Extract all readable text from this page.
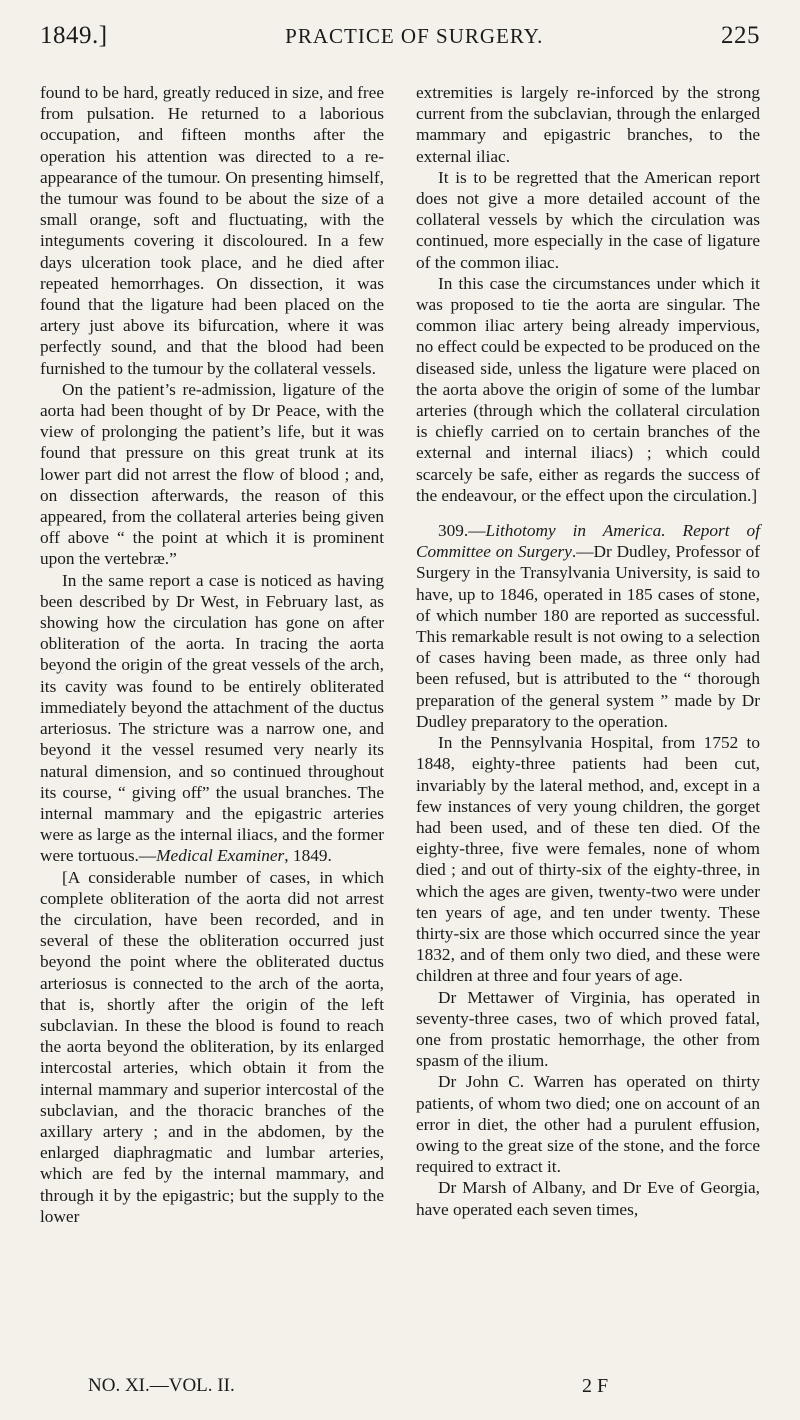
1849.]	PRACTICE OF SURGERY.	225

found to be hard, greatly reduced in size, and free from pulsation. He returned to a laborious occupation, and fifteen months after the operation his attention was directed to a re-appearance of the tumour. On presenting himself, the tumour was found to be about the size of a small orange, soft and fluctuating, with the integuments covering it discoloured. In a few days ulceration took place, and he died after repeated hemorrhages. On dissection, it was found that the ligature had been placed on the artery just above its bifurcation, where it was perfectly sound, and that the blood had been furnished to the tumour by the collateral vessels.

On the patient’s re-admission, ligature of the aorta had been thought of by Dr Peace, with the view of prolonging the patient’s life, but it was found that pressure on this great trunk at its lower part did not arrest the flow of blood ; and, on dissection afterwards, the reason of this appeared, from the collateral arteries being given off above “ the point at which it is prominent upon the vertebræ.”

In the same report a case is noticed as having been described by Dr West, in February last, as showing how the circulation has gone on after obliteration of the aorta. In tracing the aorta beyond the origin of the great vessels of the arch, its cavity was found to be entirely obliterated immediately beyond the attachment of the ductus arteriosus. The stricture was a narrow one, and beyond it the vessel resumed very nearly its natural dimension, and so continued throughout its course, “ giving off” the usual branches. The internal mammary and the epigastric arteries were as large as the internal iliacs, and the former were tortuous.—Medical Examiner, 1849.

[A considerable number of cases, in which complete obliteration of the aorta did not arrest the circulation, have been recorded, and in several of these the obliteration occurred just beyond the point where the obliterated ductus arteriosus is connected to the arch of the aorta, that is, shortly after the origin of the left subclavian. In these the blood is found to reach the aorta beyond the obliteration, by its enlarged intercostal arteries, which obtain it from the internal mammary and superior intercostal of the subclavian, and the thoracic branches of the axillary artery ; and in the abdomen, by the enlarged diaphragmatic and lumbar arteries, which are fed by the internal mammary, and through it by the epigastric; but the supply to the lower

extremities is largely re-inforced by the strong current from the subclavian, through the enlarged mammary and epigastric branches, to the external iliac.

It is to be regretted that the American report does not give a more detailed account of the collateral vessels by which the circulation was continued, more especially in the case of ligature of the common iliac.

In this case the circumstances under which it was proposed to tie the aorta are singular. The common iliac artery being already impervious, no effect could be expected to be produced on the diseased side, unless the ligature were placed on the aorta above the origin of some of the lumbar arteries (through which the collateral circulation is chiefly carried on to certain branches of the external and internal iliacs) ; which could scarcely be safe, either as regards the success of the endeavour, or the effect upon the circulation.]

309.—Lithotomy in America. Report of Committee on Surgery.—Dr Dudley, Professor of Surgery in the Transylvania University, is said to have, up to 1846, operated in 185 cases of stone, of which number 180 are reported as successful. This remarkable result is not owing to a selection of cases having been made, as three only had been refused, but is attributed to the “ thorough preparation of the general system ” made by Dr Dudley preparatory to the operation.

In the Pennsylvania Hospital, from 1752 to 1848, eighty-three patients had been cut, invariably by the lateral method, and, except in a few instances of very young children, the gorget had been used, and of these ten died. Of the eighty-three, five were females, none of whom died ; and out of thirty-six of the eighty-three, in which the ages are given, twenty-two were under ten years of age, and ten under twenty. These thirty-six are those which occurred since the year 1832, and of them only two died, and these were children at three and four years of age.

Dr Mettawer of Virginia, has operated in seventy-three cases, two of which proved fatal, one from prostatic hemorrhage, the other from spasm of the ilium.

Dr John C. Warren has operated on thirty patients, of whom two died; one on account of an error in diet, the other had a purulent effusion, owing to the great size of the stone, and the force required to extract it.

Dr Marsh of Albany, and Dr Eve of Georgia, have operated each seven times,

NO. XI.—VOL. II.	2 F
